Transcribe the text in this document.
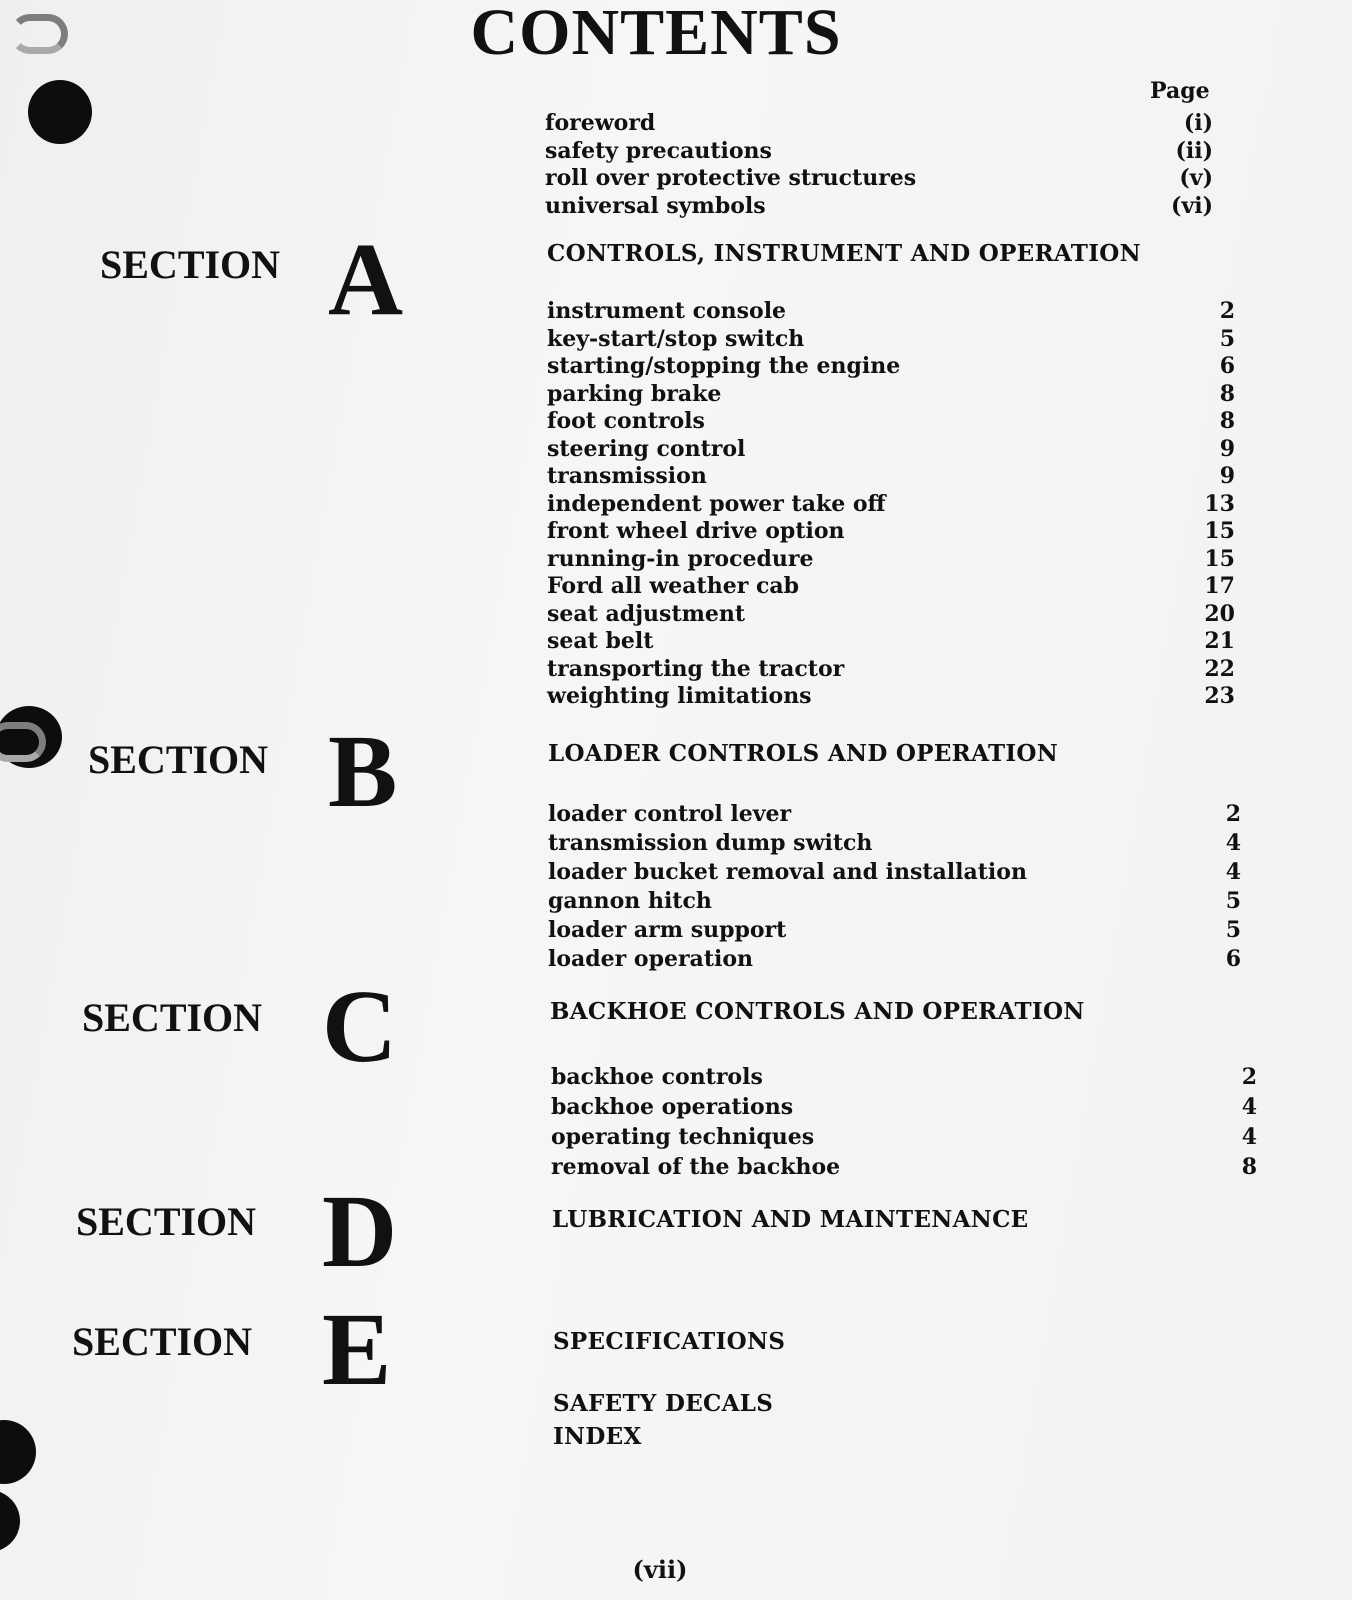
CONTENTS
Page
foreword	(i)
safety precautions	(ii)
roll over protective structures	(v)
universal symbols	(vi)
SECTION A	CONTROLS, INSTRUMENT AND OPERATION
instrument console	2
key-start/stop switch	5
starting/stopping the engine	6
parking brake	8
foot controls	8
steering control	9
transmission	9
independent power take off	13
front wheel drive option	15
running-in procedure	15
Ford all weather cab	17
seat adjustment	20
seat belt	21
transporting the tractor	22
weighting limitations	23
SECTION B	LOADER CONTROLS AND OPERATION
loader control lever	2
transmission dump switch	4
loader bucket removal and installation	4
gannon hitch	5
loader arm support	5
loader operation	6
SECTION C	BACKHOE CONTROLS AND OPERATION
backhoe controls	2
backhoe operations	4
operating techniques	4
removal of the backhoe	8
SECTION D	LUBRICATION AND MAINTENANCE
SECTION E	SPECIFICATIONS
SAFETY DECALS
INDEX
(vii)
